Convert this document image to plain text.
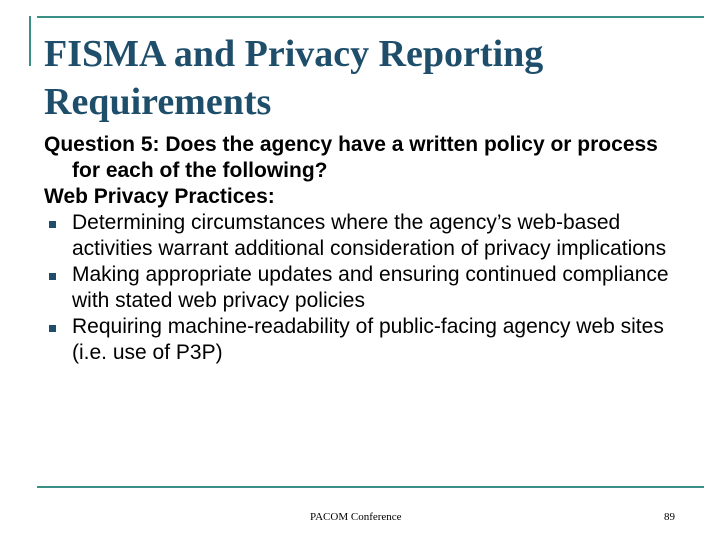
FISMA and Privacy Reporting Requirements
Question 5: Does the agency have a written policy or process for each of the following?
Web Privacy Practices:
Determining circumstances where the agency’s web-based activities warrant additional consideration of privacy implications
Making appropriate updates and ensuring continued compliance with stated web privacy policies
Requiring machine-readability of public-facing agency web sites (i.e. use of P3P)
PACOM Conference	89
